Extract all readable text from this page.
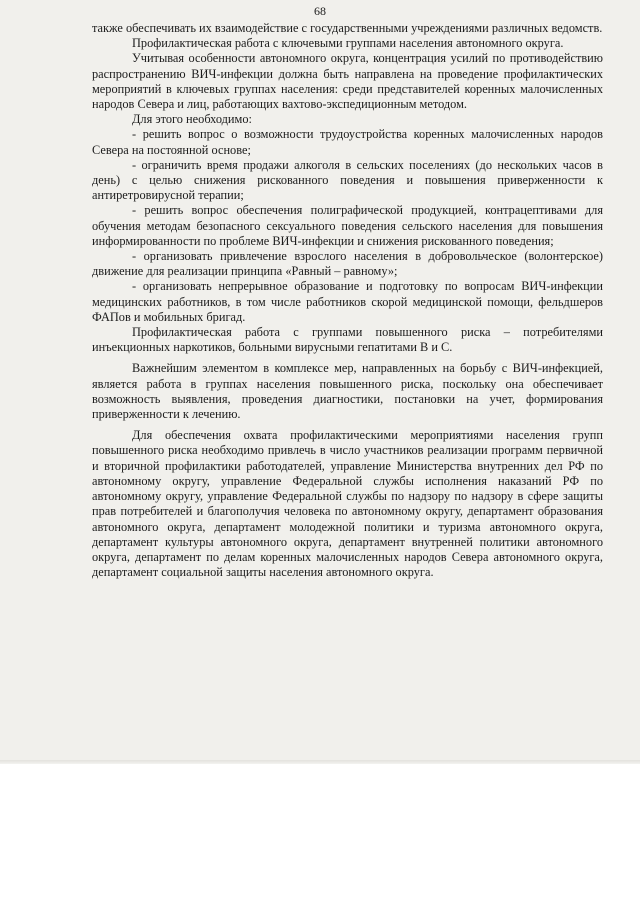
68

также обеспечивать их взаимодействие с государственными учреждениями различных ведомств.

Профилактическая работа с ключевыми группами населения автономного округа.

Учитывая особенности автономного округа, концентрация усилий по противодействию распространению ВИЧ-инфекции должна быть направлена на проведение профилактических мероприятий в ключевых группах населения: среди представителей коренных малочисленных народов Севера и лиц, работающих вахтово-экспедиционным методом.

Для этого необходимо:

- решить вопрос о возможности трудоустройства коренных малочисленных народов Севера на постоянной основе;

- ограничить время продажи алкоголя в сельских поселениях (до нескольких часов в день) с целью снижения рискованного поведения и повышения приверженности к антиретровирусной терапии;

- решить вопрос обеспечения полиграфической продукцией, контрацептивами для обучения методам безопасного сексуального поведения сельского населения для повышения информированности по проблеме ВИЧ-инфекции и снижения рискованного поведения;

- организовать привлечение взрослого населения в добровольческое (волонтерское) движение для реализации принципа «Равный – равному»;

- организовать непрерывное образование и подготовку по вопросам ВИЧ-инфекции медицинских работников, в том числе работников скорой медицинской помощи, фельдшеров ФАПов и мобильных бригад.

Профилактическая работа с группами повышенного риска – потребителями инъекционных наркотиков, больными вирусными гепатитами В и С.

Важнейшим элементом в комплексе мер, направленных на борьбу с ВИЧ-инфекцией, является работа в группах населения повышенного риска, поскольку она обеспечивает возможность выявления, проведения диагностики, постановки на учет, формирования приверженности к лечению.

Для обеспечения охвата профилактическими мероприятиями населения групп повышенного риска необходимо привлечь в число участников реализации программ первичной и вторичной профилактики работодателей, управление Министерства внутренних дел РФ по автономному округу, управление Федеральной службы исполнения наказаний РФ по автономному округу, управление Федеральной службы по надзору по надзору в сфере защиты прав потребителей и благополучия человека по автономному округу, департамент образования автономного округа, департамент молодежной политики и туризма автономного округа, департамент культуры автономного округа, департамент внутренней политики автономного округа, департамент по делам коренных малочисленных народов Севера автономного округа, департамент социальной защиты населения автономного округа.
